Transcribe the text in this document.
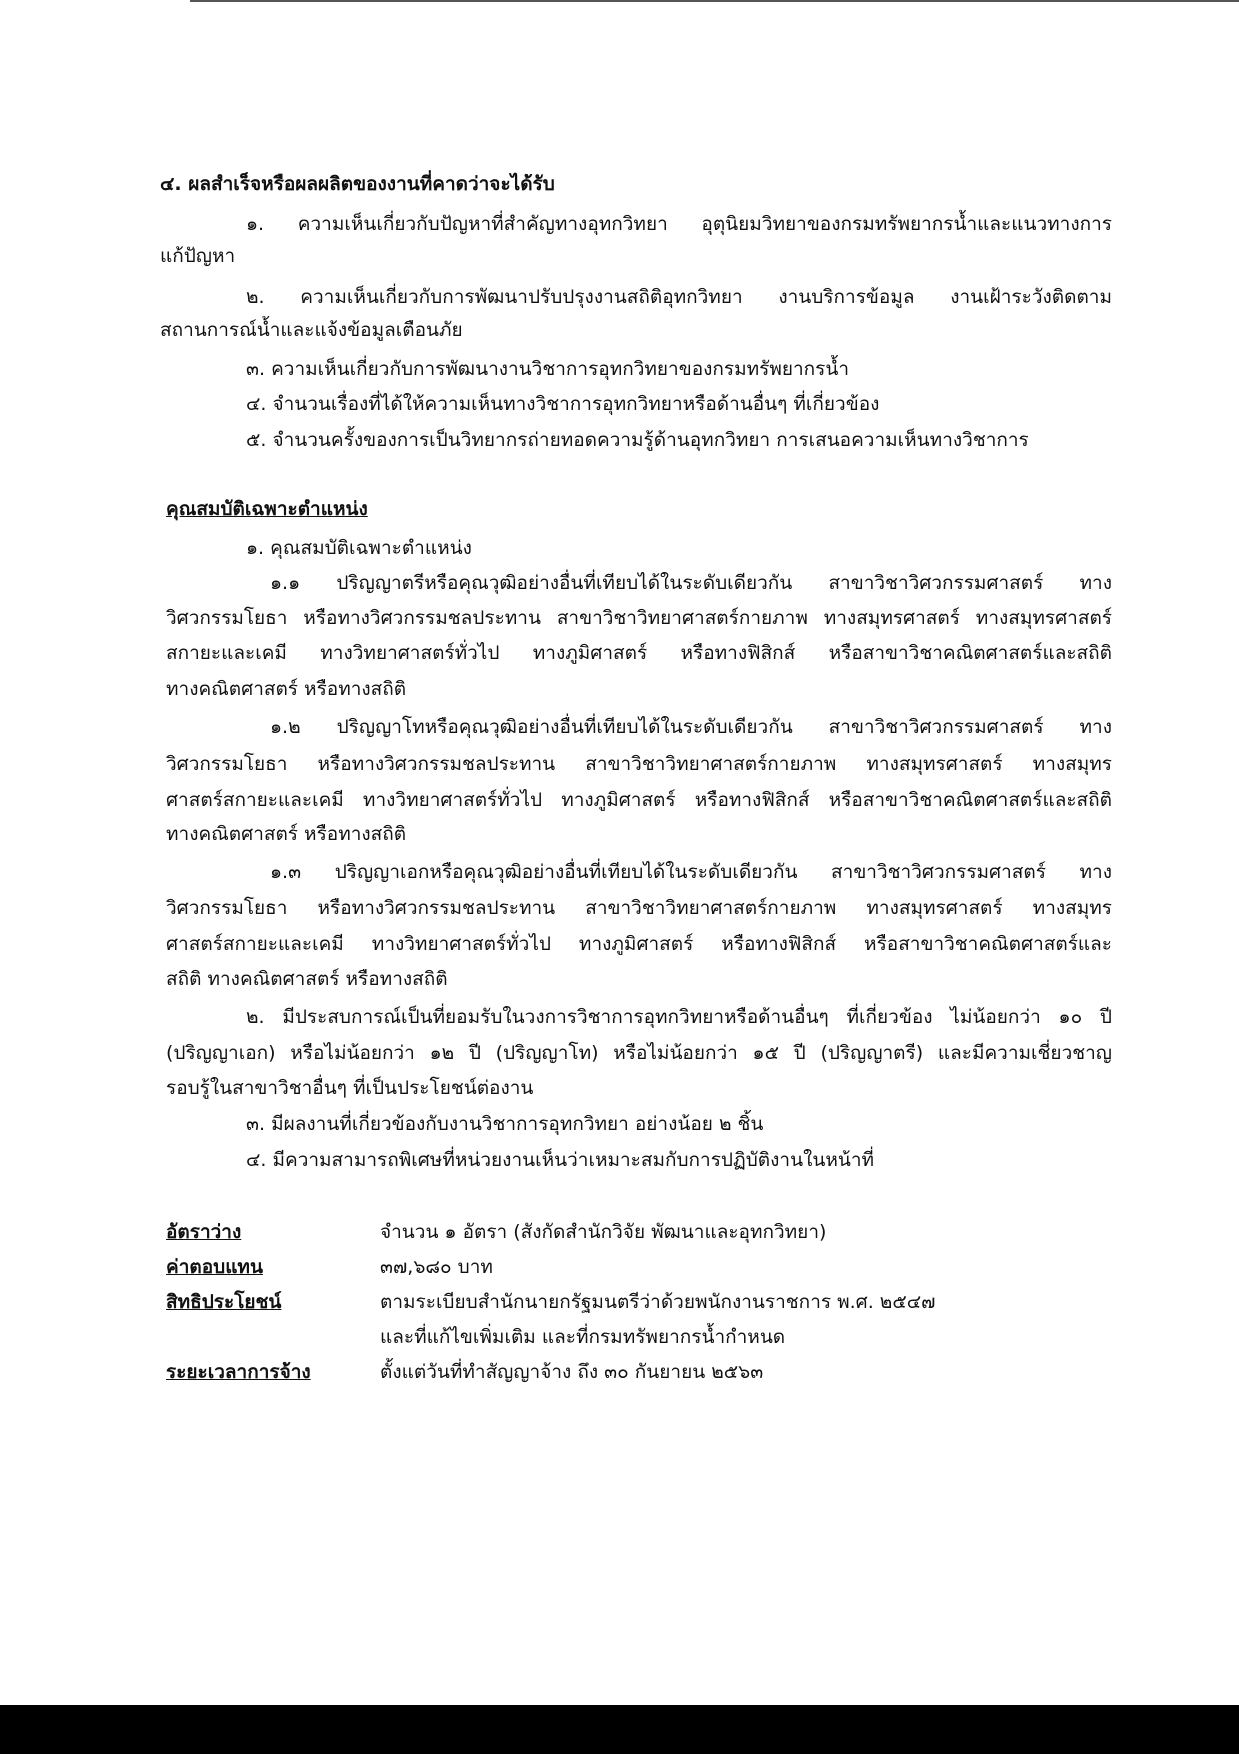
๔. ผลสำเร็จหรือผลผลิตของงานที่คาดว่าจะได้รับ
๑. ความเห็นเกี่ยวกับปัญหาที่สำคัญทางอุทกวิทยา อุตุนิยมวิทยาของกรมทรัพยากรน้ำและแนวทางการ
แก้ปัญหา
๒. ความเห็นเกี่ยวกับการพัฒนาปรับปรุงงานสถิติอุทกวิทยา งานบริการข้อมูล งานเฝ้าระวังติดตาม
สถานการณ์น้ำและแจ้งข้อมูลเตือนภัย
๓. ความเห็นเกี่ยวกับการพัฒนางานวิชาการอุทกวิทยาของกรมทรัพยากรน้ำ
๔. จำนวนเรื่องที่ได้ให้ความเห็นทางวิชาการอุทกวิทยาหรือด้านอื่นๆ ที่เกี่ยวข้อง
๕. จำนวนครั้งของการเป็นวิทยากรถ่ายทอดความรู้ด้านอุทกวิทยา การเสนอความเห็นทางวิชาการ
คุณสมบัติเฉพาะตำแหน่ง
๑. คุณสมบัติเฉพาะตำแหน่ง
๑.๑ ปริญญาตรีหรือคุณวุฒิอย่างอื่นที่เทียบได้ในระดับเดียวกัน สาขาวิชาวิศวกรรมศาสตร์ ทาง
วิศวกรรมโยธา หรือทางวิศวกรรมชลประทาน สาขาวิชาวิทยาศาสตร์กายภาพ ทางสมุทรศาสตร์ ทางสมุทรศาสตร์
สกายะและเคมี ทางวิทยาศาสตร์ทั่วไป ทางภูมิศาสตร์ หรือทางฟิสิกส์ หรือสาขาวิชาคณิตศาสตร์และสถิติ
ทางคณิตศาสตร์ หรือทางสถิติ
๑.๒ ปริญญาโทหรือคุณวุฒิอย่างอื่นที่เทียบได้ในระดับเดียวกัน สาขาวิชาวิศวกรรมศาสตร์ ทาง
วิศวกรรมโยธา หรือทางวิศวกรรมชลประทาน สาขาวิชาวิทยาศาสตร์กายภาพ ทางสมุทรศาสตร์ ทางสมุทร
ศาสตร์สกายะและเคมี ทางวิทยาศาสตร์ทั่วไป ทางภูมิศาสตร์ หรือทางฟิสิกส์ หรือสาขาวิชาคณิตศาสตร์และสถิติ
ทางคณิตศาสตร์ หรือทางสถิติ
๑.๓ ปริญญาเอกหรือคุณวุฒิอย่างอื่นที่เทียบได้ในระดับเดียวกัน สาขาวิชาวิศวกรรมศาสตร์ ทาง
วิศวกรรมโยธา หรือทางวิศวกรรมชลประทาน สาขาวิชาวิทยาศาสตร์กายภาพ ทางสมุทรศาสตร์ ทางสมุทร
ศาสตร์สกายะและเคมี ทางวิทยาศาสตร์ทั่วไป ทางภูมิศาสตร์ หรือทางฟิสิกส์ หรือสาขาวิชาคณิตศาสตร์และ
สถิติ ทางคณิตศาสตร์ หรือทางสถิติ
๒. มีประสบการณ์เป็นที่ยอมรับในวงการวิชาการอุทกวิทยาหรือด้านอื่นๆ ที่เกี่ยวข้อง ไม่น้อยกว่า ๑๐ ปี
(ปริญญาเอก) หรือไม่น้อยกว่า ๑๒ ปี (ปริญญาโท) หรือไม่น้อยกว่า ๑๕ ปี (ปริญญาตรี) และมีความเชี่ยวชาญ
รอบรู้ในสาขาวิชาอื่นๆ ที่เป็นประโยชน์ต่องาน
๓. มีผลงานที่เกี่ยวข้องกับงานวิชาการอุทกวิทยา อย่างน้อย ๒ ชิ้น
๔. มีความสามารถพิเศษที่หน่วยงานเห็นว่าเหมาะสมกับการปฏิบัติงานในหน้าที่
อัตราว่าง	จำนวน ๑ อัตรา (สังกัดสำนักวิจัย พัฒนาและอุทกวิทยา)
ค่าตอบแทน	๓๗,๖๘๐ บาท
สิทธิประโยชน์	ตามระเบียบสำนักนายกรัฐมนตรีว่าด้วยพนักงานราชการ พ.ศ. ๒๕๔๗
และที่แก้ไขเพิ่มเติม และที่กรมทรัพยากรน้ำกำหนด
ระยะเวลาการจ้าง	ตั้งแต่วันที่ทำสัญญาจ้าง ถึง ๓๐ กันยายน ๒๕๖๓
